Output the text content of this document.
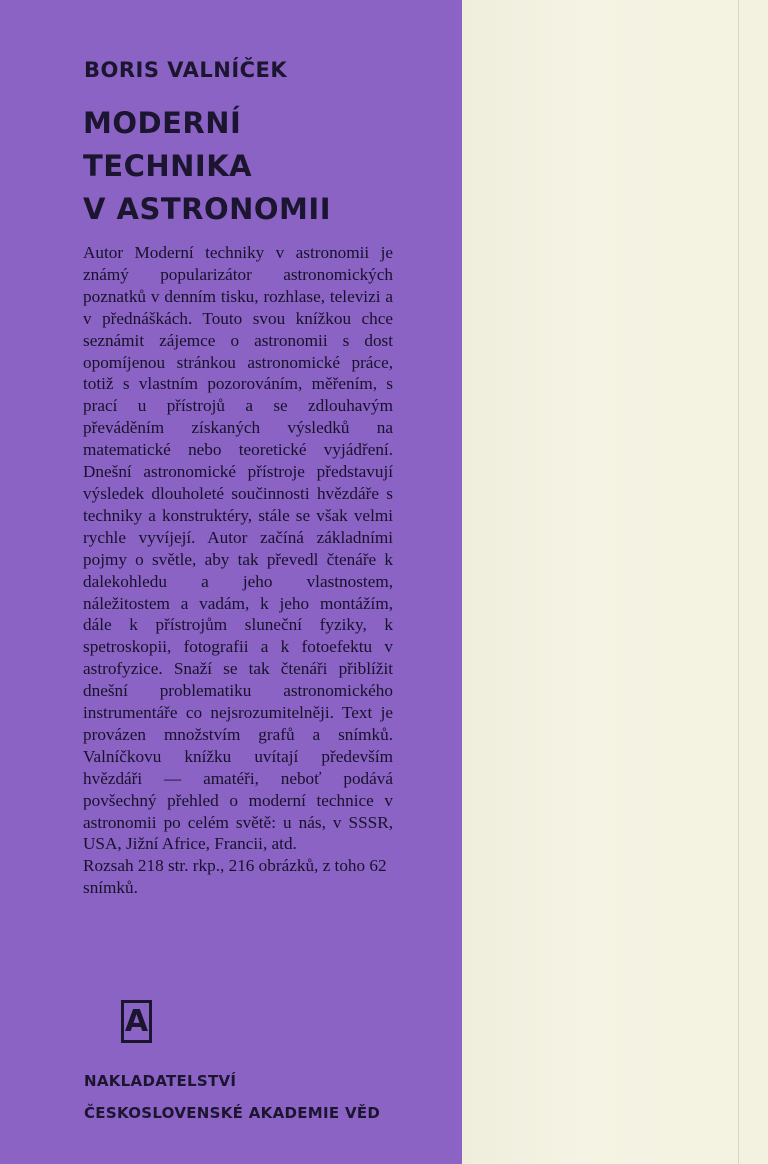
BORIS VALNÍČEK
MODERNÍ
TECHNIKA
V ASTRONOMII

Autor Moderní techniky v astronomii je známý popularizátor astronomických poznatků v denním tisku, rozhlase, televizi a v přednáškách. Touto svou knížkou chce seznámit zájemce o astronomii s dost opomíjenou stránkou astronomické práce, totiž s vlastním pozorováním, měřením, s prací u přístrojů a se zdlouhavým převáděním získaných výsledků na matematické nebo teoretické vyjádření. Dnešní astronomické přístroje představují výsledek dlouholeté součinnosti hvězdáře s techniky a konstruktéry, stále se však velmi rychle vyvíjejí. Autor začíná základními pojmy o světle, aby tak převedl čtenáře k dalekohledu a jeho vlastnostem, náležitostem a vadám, k jeho montážím, dále k přístrojům sluneční fyziky, k spetroskopii, fotografii a k fotoefektu v astrofyzice. Snaží se tak čtenáři přiblížit dnešní problematiku astronomického instrumentáře co nejsrozumitelněji. Text je provázen množstvím grafů a snímků. Valníčkovu knížku uvítají především hvězdáři — amatéři, neboť podává povšechný přehled o moderní technice v astronomii po celém světě: u nás, v SSSR, USA, Jižní Africe, Francii, atd.

Rozsah 218 str. rkp., 216 obrázků, z toho 62 snímků.

A
NAKLADATELSTVÍ
ČESKOSLOVENSKÉ AKADEMIE VĚD
